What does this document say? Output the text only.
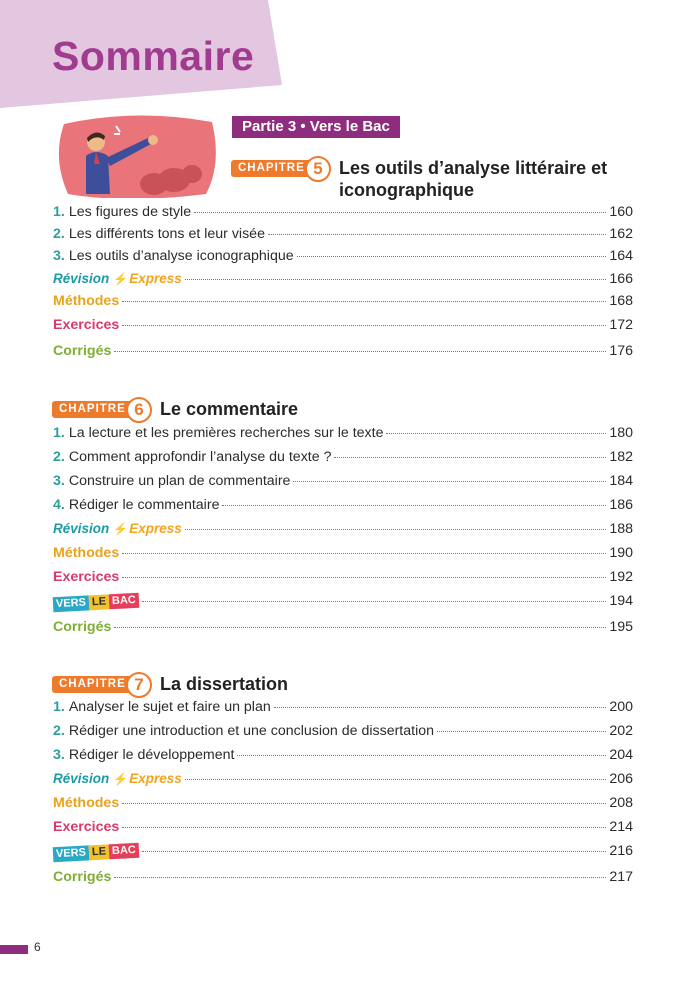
Sommaire
Partie 3 • Vers le Bac
CHAPITRE 5 Les outils d’analyse littéraire et
iconographique
1. Les figures de style	160
2. Les différents tons et leur visée	162
3. Les outils d’analyse iconographique	164
Révision ⚡ Express	166
Méthodes	168
Exercices	172
Corrigés	176
CHAPITRE 6 Le commentaire
1. La lecture et les premières recherches sur le texte	180
2. Comment approfondir l’analyse du texte ?	182
3. Construire un plan de commentaire	184
4. Rédiger le commentaire	186
Révision ⚡ Express	188
Méthodes	190
Exercices	192
VERS LE BAC	194
Corrigés	195
CHAPITRE 7 La dissertation
1. Analyser le sujet et faire un plan	200
2. Rédiger une introduction et une conclusion de dissertation	202
3. Rédiger le développement	204
Révision ⚡ Express	206
Méthodes	208
Exercices	214
VERS LE BAC	216
Corrigés	217
6
